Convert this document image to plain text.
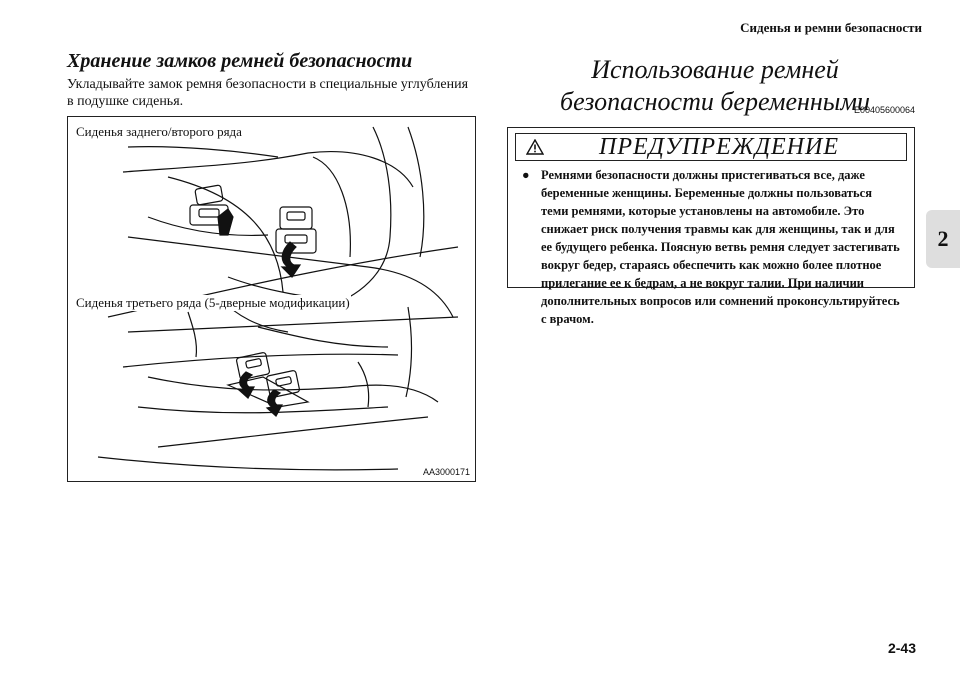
Сиденья и ремни безопасности
2
Хранение замков ремней безопасности
Укладывайте замок ремня безопасности в специальные углубления в подушке сиденья.
Сиденья заднего/второго ряда
Сиденья третьего ряда (5-дверные модификации)
AA3000171
Использование ремней
безопасности беременными
E00405600064
ПРЕДУПРЕЖДЕНИЕ
● Ремнями безопасности должны пристегиваться все, даже беременные женщины. Беременные должны пользоваться теми ремнями, которые установлены на автомобиле. Это снижает риск получения травмы как для женщины, так и для ее будущего ребенка. Поясную ветвь ремня следует застегивать вокруг бедер, стараясь обеспечить как можно более плотное прилегание ее к бедрам, а не вокруг талии. При наличии дополнительных вопросов или сомнений проконсультируйтесь с врачом.
2-43
